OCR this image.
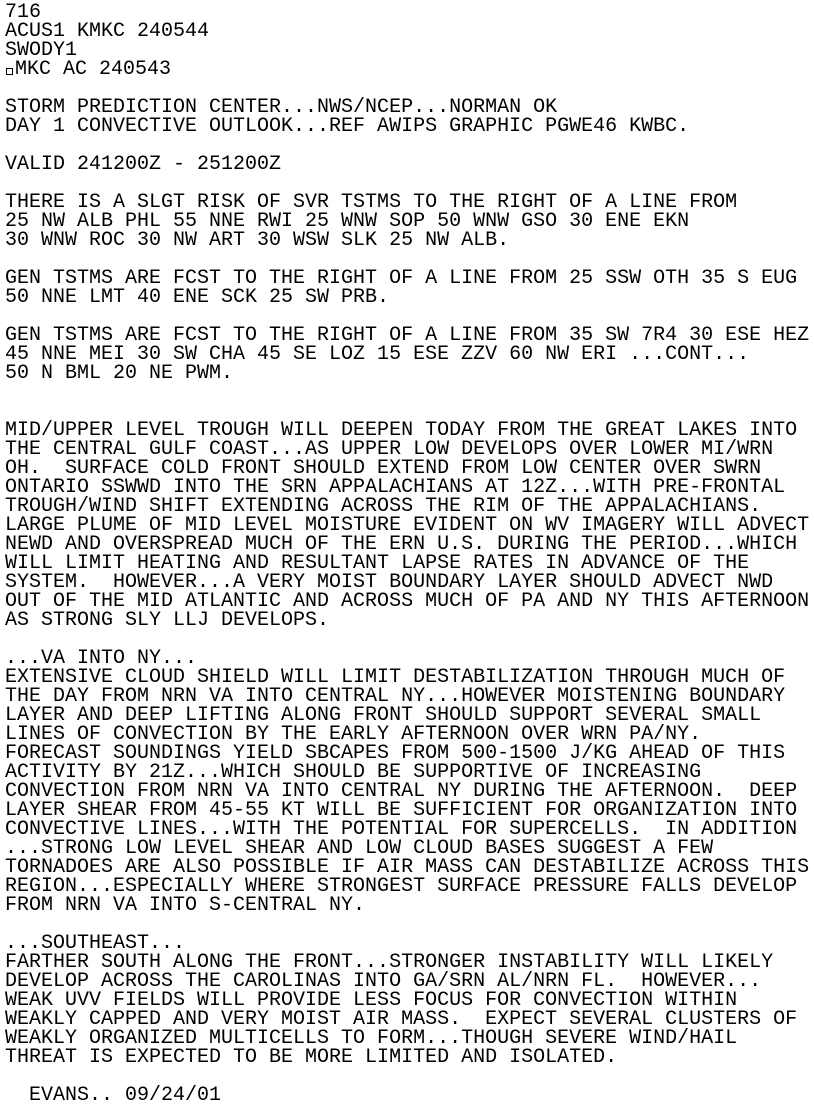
716
ACUS1 KMKC 240544
SWODY1
MKC AC 240543
STORM PREDICTION CENTER...NWS/NCEP...NORMAN OK
DAY 1 CONVECTIVE OUTLOOK...REF AWIPS GRAPHIC PGWE46 KWBC.
VALID 241200Z - 251200Z
THERE IS A SLGT RISK OF SVR TSTMS TO THE RIGHT OF A LINE FROM
25 NW ALB PHL 55 NNE RWI 25 WNW SOP 50 WNW GSO 30 ENE EKN
30 WNW ROC 30 NW ART 30 WSW SLK 25 NW ALB.
GEN TSTMS ARE FCST TO THE RIGHT OF A LINE FROM 25 SSW OTH 35 S EUG
50 NNE LMT 40 ENE SCK 25 SW PRB.
GEN TSTMS ARE FCST TO THE RIGHT OF A LINE FROM 35 SW 7R4 30 ESE HEZ
45 NNE MEI 30 SW CHA 45 SE LOZ 15 ESE ZZV 60 NW ERI ...CONT...
50 N BML 20 NE PWM.
MID/UPPER LEVEL TROUGH WILL DEEPEN TODAY FROM THE GREAT LAKES INTO
THE CENTRAL GULF COAST...AS UPPER LOW DEVELOPS OVER LOWER MI/WRN
OH.  SURFACE COLD FRONT SHOULD EXTEND FROM LOW CENTER OVER SWRN
ONTARIO SSWWD INTO THE SRN APPALACHIANS AT 12Z...WITH PRE-FRONTAL
TROUGH/WIND SHIFT EXTENDING ACROSS THE RIM OF THE APPALACHIANS.
LARGE PLUME OF MID LEVEL MOISTURE EVIDENT ON WV IMAGERY WILL ADVECT
NEWD AND OVERSPREAD MUCH OF THE ERN U.S. DURING THE PERIOD...WHICH
WILL LIMIT HEATING AND RESULTANT LAPSE RATES IN ADVANCE OF THE
SYSTEM.  HOWEVER...A VERY MOIST BOUNDARY LAYER SHOULD ADVECT NWD
OUT OF THE MID ATLANTIC AND ACROSS MUCH OF PA AND NY THIS AFTERNOON
AS STRONG SLY LLJ DEVELOPS.
...VA INTO NY...
EXTENSIVE CLOUD SHIELD WILL LIMIT DESTABILIZATION THROUGH MUCH OF
THE DAY FROM NRN VA INTO CENTRAL NY...HOWEVER MOISTENING BOUNDARY
LAYER AND DEEP LIFTING ALONG FRONT SHOULD SUPPORT SEVERAL SMALL
LINES OF CONVECTION BY THE EARLY AFTERNOON OVER WRN PA/NY.
FORECAST SOUNDINGS YIELD SBCAPES FROM 500-1500 J/KG AHEAD OF THIS
ACTIVITY BY 21Z...WHICH SHOULD BE SUPPORTIVE OF INCREASING
CONVECTION FROM NRN VA INTO CENTRAL NY DURING THE AFTERNOON.  DEEP
LAYER SHEAR FROM 45-55 KT WILL BE SUFFICIENT FOR ORGANIZATION INTO
CONVECTIVE LINES...WITH THE POTENTIAL FOR SUPERCELLS.  IN ADDITION
...STRONG LOW LEVEL SHEAR AND LOW CLOUD BASES SUGGEST A FEW
TORNADOES ARE ALSO POSSIBLE IF AIR MASS CAN DESTABILIZE ACROSS THIS
REGION...ESPECIALLY WHERE STRONGEST SURFACE PRESSURE FALLS DEVELOP
FROM NRN VA INTO S-CENTRAL NY.
...SOUTHEAST...
FARTHER SOUTH ALONG THE FRONT...STRONGER INSTABILITY WILL LIKELY
DEVELOP ACROSS THE CAROLINAS INTO GA/SRN AL/NRN FL.  HOWEVER...
WEAK UVV FIELDS WILL PROVIDE LESS FOCUS FOR CONVECTION WITHIN
WEAKLY CAPPED AND VERY MOIST AIR MASS.  EXPECT SEVERAL CLUSTERS OF
WEAKLY ORGANIZED MULTICELLS TO FORM...THOUGH SEVERE WIND/HAIL
THREAT IS EXPECTED TO BE MORE LIMITED AND ISOLATED.
EVANS.. 09/24/01
